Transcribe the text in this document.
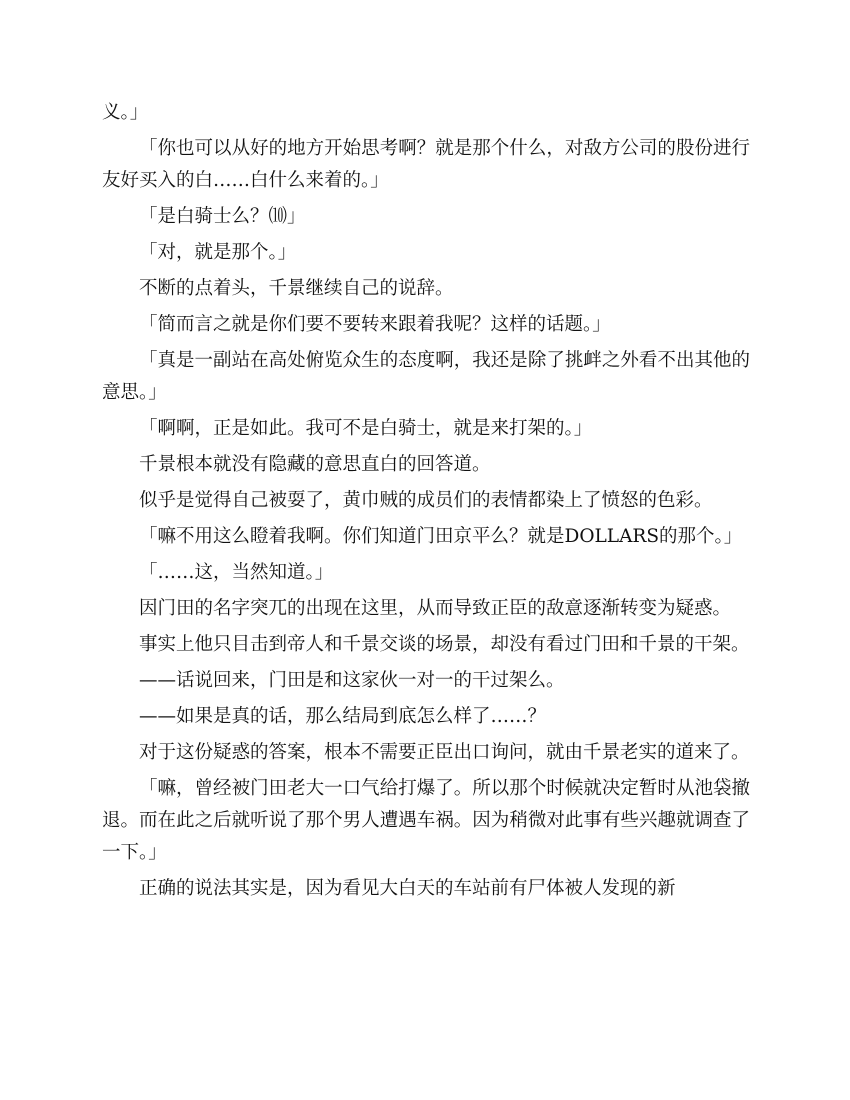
义。」

「你也可以从好的地方开始思考啊？就是那个什么，对敌方公司的股份进行友好买入的白……白什么来着的。」

「是白骑士么？⑽」

「对，就是那个。」

不断的点着头，千景继续自己的说辞。

「简而言之就是你们要不要转来跟着我呢？这样的话题。」

「真是一副站在高处俯览众生的态度啊，我还是除了挑衅之外看不出其他的意思。」

「啊啊，正是如此。我可不是白骑士，就是来打架的。」

千景根本就没有隐藏的意思直白的回答道。

似乎是觉得自己被耍了，黄巾贼的成员们的表情都染上了愤怒的色彩。

「嘛不用这么瞪着我啊。你们知道门田京平么？就是DOLLARS的那个。」

「……这，当然知道。」

因门田的名字突兀的出现在这里，从而导致正臣的敌意逐渐转变为疑惑。

事实上他只目击到帝人和千景交谈的场景，却没有看过门田和千景的干架。

——话说回来，门田是和这家伙一对一的干过架么。

——如果是真的话，那么结局到底怎么样了……？

对于这份疑惑的答案，根本不需要正臣出口询问，就由千景老实的道来了。

「嘛，曾经被门田老大一口气给打爆了。所以那个时候就决定暂时从池袋撤退。而在此之后就听说了那个男人遭遇车祸。因为稍微对此事有些兴趣就调查了一下。」

正确的说法其实是，因为看见大白天的车站前有尸体被人发现的新
